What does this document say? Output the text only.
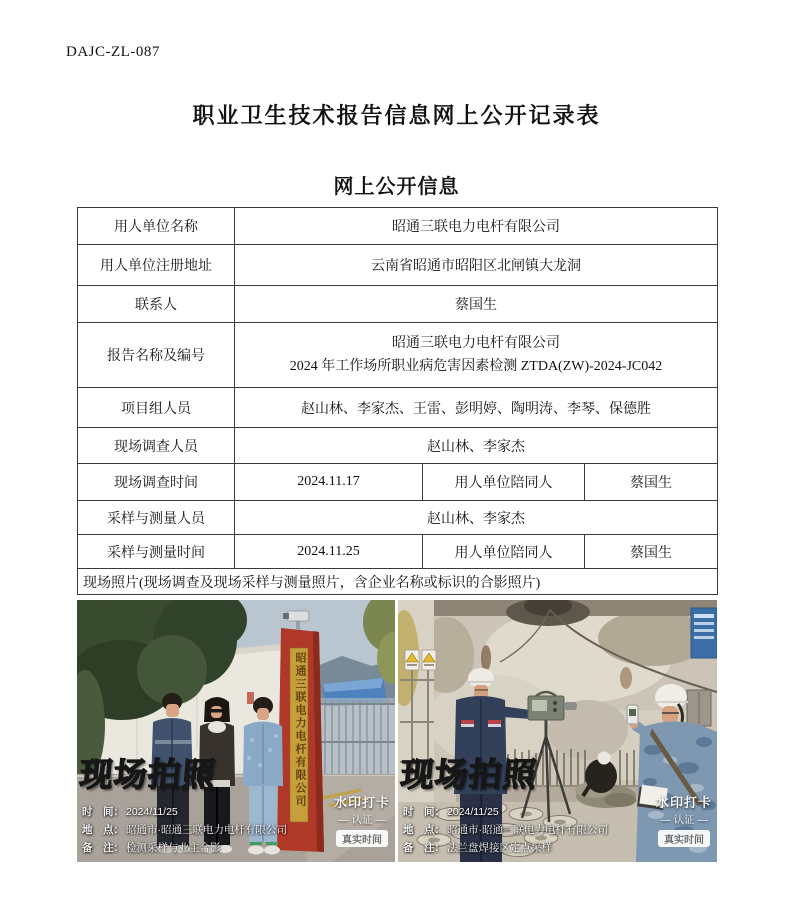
DAJC-ZL-087
职业卫生技术报告信息网上公开记录表
网上公开信息
用人单位名称	昭通三联电力电杆有限公司		
用人单位注册地址	云南省昭通市昭阳区北闸镇大龙洞		
联系人	蔡国生		
报告名称及编号	昭通三联电力电杆有限公司
2024 年工作场所职业病危害因素检测 ZTDA(ZW)-2024-JC042		

项目组人员	赵山林、李家杰、王雷、彭明婷、陶明涛、李琴、保德胜		
现场调查人员	赵山林、李家杰		
现场调查时间	2024.11.17	用人单位陪同人	蔡国生
采样与测量人员	赵山林、李家杰		
采样与测量时间	2024.11.25	用人单位陪同人	蔡国生
现场照片(现场调查及现场采样与测量照片，含企业名称或标识的合影照片)			
昭通三联电力电杆有限公司
现场拍照
时　间： 2024/11/25
地　点： 昭通市·昭通三联电力电杆有限公司
备　注： 检测采样与业主合影
水印打卡
— 认证 —
真实时间
现场拍照
时　间： 2024/11/25
地　点： 昭通市·昭通三联电力电杆有限公司
备　注： 法兰盘焊接区定点采样
水印打卡
— 认证 —
真实时间
